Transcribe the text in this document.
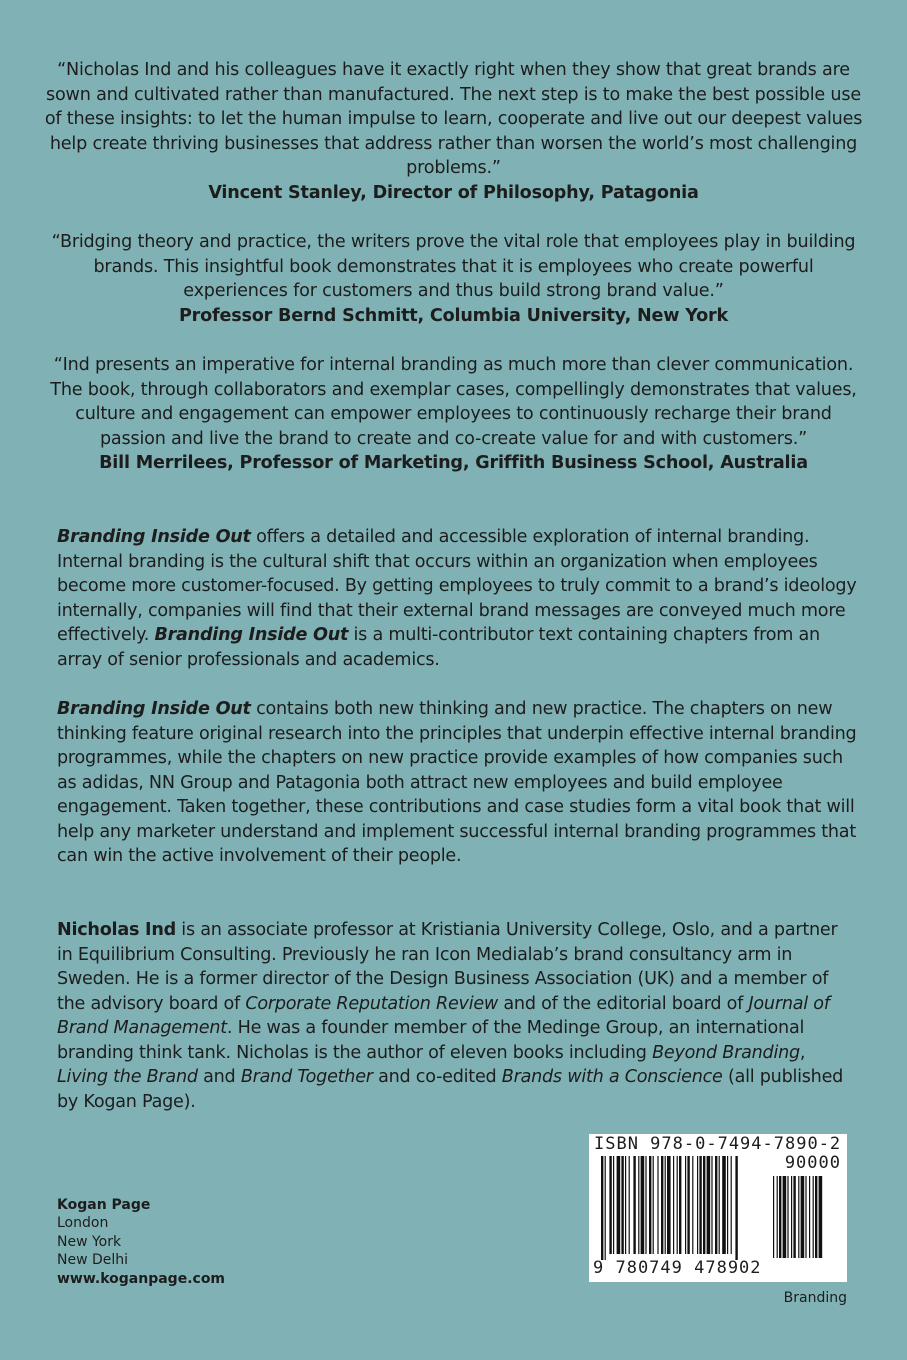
“Nicholas Ind and his colleagues have it exactly right when they show that great brands are sown and cultivated rather than manufactured. The next step is to make the best possible use of these insights: to let the human impulse to learn, cooperate and live out our deepest values help create thriving businesses that address rather than worsen the world’s most challenging problems.”
Vincent Stanley, Director of Philosophy, Patagonia
“Bridging theory and practice, the writers prove the vital role that employees play in building brands. This insightful book demonstrates that it is employees who create powerful experiences for customers and thus build strong brand value.”
Professor Bernd Schmitt, Columbia University, New York
“Ind presents an imperative for internal branding as much more than clever communication. The book, through collaborators and exemplar cases, compellingly demonstrates that values, culture and engagement can empower employees to continuously recharge their brand passion and live the brand to create and co-create value for and with customers.”
Bill Merrilees, Professor of Marketing, Griffith Business School, Australia

Branding Inside Out offers a detailed and accessible exploration of internal branding. Internal branding is the cultural shift that occurs within an organization when employees become more customer-focused. By getting employees to truly commit to a brand’s ideology internally, companies will find that their external brand messages are conveyed much more effectively. Branding Inside Out is a multi-contributor text containing chapters from an array of senior professionals and academics.

Branding Inside Out contains both new thinking and new practice. The chapters on new thinking feature original research into the principles that underpin effective internal branding programmes, while the chapters on new practice provide examples of how companies such as adidas, NN Group and Patagonia both attract new employees and build employee engagement. Taken together, these contributions and case studies form a vital book that will help any marketer understand and implement successful internal branding programmes that can win the active involvement of their people.

Nicholas Ind is an associate professor at Kristiania University College, Oslo, and a partner in Equilibrium Consulting. Previously he ran Icon Medialab’s brand consultancy arm in Sweden. He is a former director of the Design Business Association (UK) and a member of the advisory board of Corporate Reputation Review and of the editorial board of Journal of Brand Management. He was a founder member of the Medinge Group, an international branding think tank. Nicholas is the author of eleven books including Beyond Branding, Living the Brand and Brand Together and co-edited Brands with a Conscience (all published by Kogan Page).

Kogan Page
London
New York
New Delhi
www.koganpage.com
ISBN 978-0-7494-7890-2
90000
9 780749 478902
Branding
